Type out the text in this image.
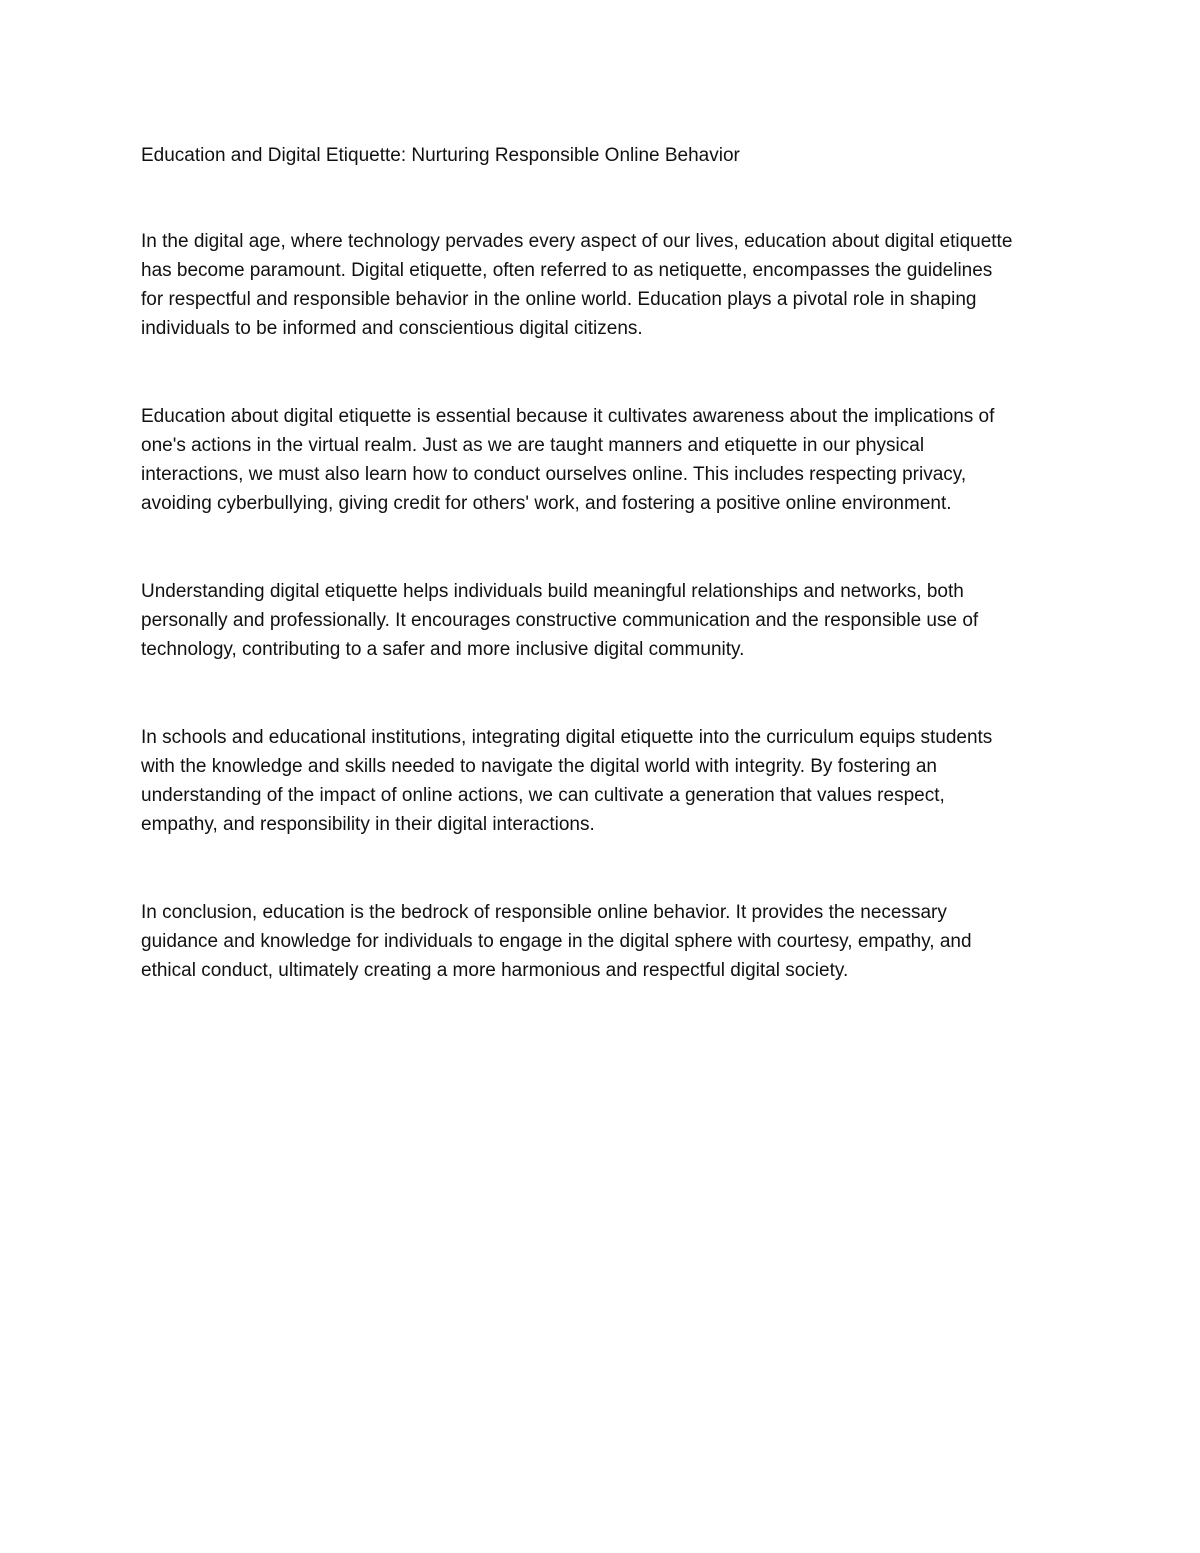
Education and Digital Etiquette: Nurturing Responsible Online Behavior

In the digital age, where technology pervades every aspect of our lives, education about digital etiquette
has become paramount. Digital etiquette, often referred to as netiquette, encompasses the guidelines
for respectful and responsible behavior in the online world. Education plays a pivotal role in shaping
individuals to be informed and conscientious digital citizens.

Education about digital etiquette is essential because it cultivates awareness about the implications of
one's actions in the virtual realm. Just as we are taught manners and etiquette in our physical
interactions, we must also learn how to conduct ourselves online. This includes respecting privacy,
avoiding cyberbullying, giving credit for others' work, and fostering a positive online environment.

Understanding digital etiquette helps individuals build meaningful relationships and networks, both
personally and professionally. It encourages constructive communication and the responsible use of
technology, contributing to a safer and more inclusive digital community.

In schools and educational institutions, integrating digital etiquette into the curriculum equips students
with the knowledge and skills needed to navigate the digital world with integrity. By fostering an
understanding of the impact of online actions, we can cultivate a generation that values respect,
empathy, and responsibility in their digital interactions.

In conclusion, education is the bedrock of responsible online behavior. It provides the necessary
guidance and knowledge for individuals to engage in the digital sphere with courtesy, empathy, and
ethical conduct, ultimately creating a more harmonious and respectful digital society.
